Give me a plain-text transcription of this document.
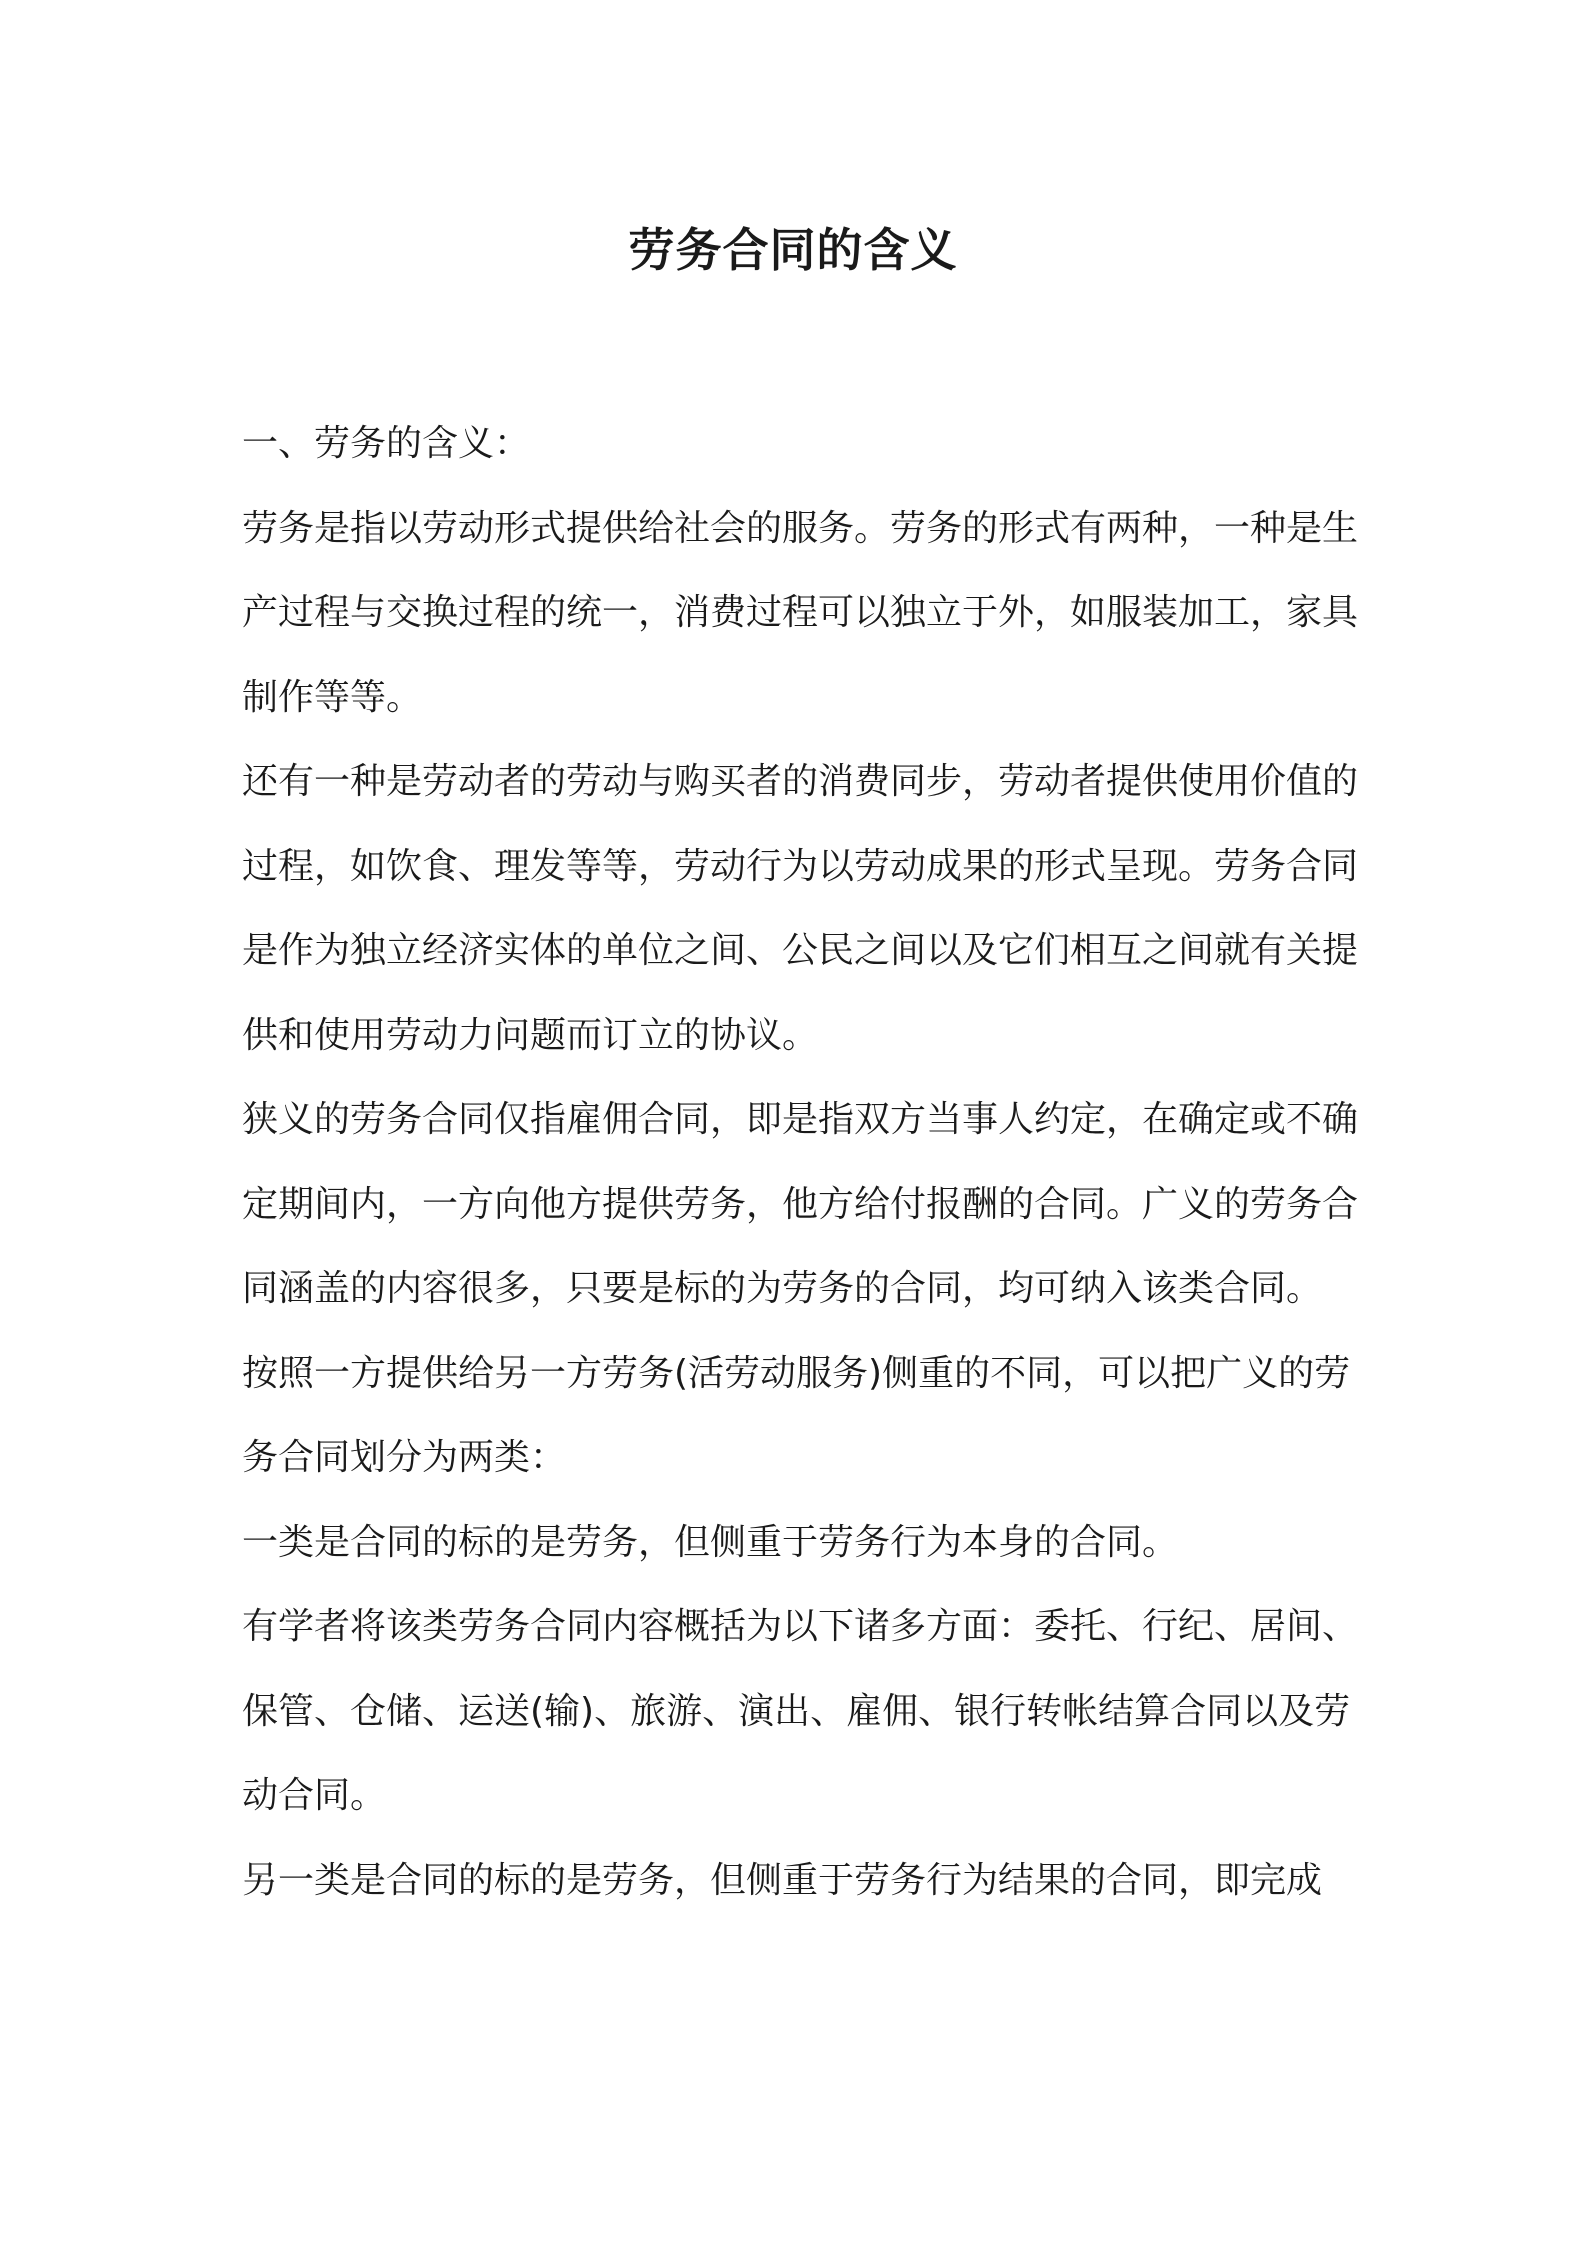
劳务合同的含义

一、劳务的含义：

劳务是指以劳动形式提供给社会的服务。劳务的形式有两种，一种是生产过程与交换过程的统一，消费过程可以独立于外，如服装加工，家具制作等等。

还有一种是劳动者的劳动与购买者的消费同步，劳动者提供使用价值的过程，如饮食、理发等等，劳动行为以劳动成果的形式呈现。劳务合同是作为独立经济实体的单位之间、公民之间以及它们相互之间就有关提供和使用劳动力问题而订立的协议。

狭义的劳务合同仅指雇佣合同，即是指双方当事人约定，在确定或不确定期间内，一方向他方提供劳务，他方给付报酬的合同。广义的劳务合同涵盖的内容很多，只要是标的为劳务的合同，均可纳入该类合同。

按照一方提供给另一方劳务(活劳动服务)侧重的不同，可以把广义的劳务合同划分为两类：

一类是合同的标的是劳务，但侧重于劳务行为本身的合同。

有学者将该类劳务合同内容概括为以下诸多方面：委托、行纪、居间、保管、仓储、运送(输)、旅游、演出、雇佣、银行转帐结算合同以及劳动合同。

另一类是合同的标的是劳务，但侧重于劳务行为结果的合同，即完成
